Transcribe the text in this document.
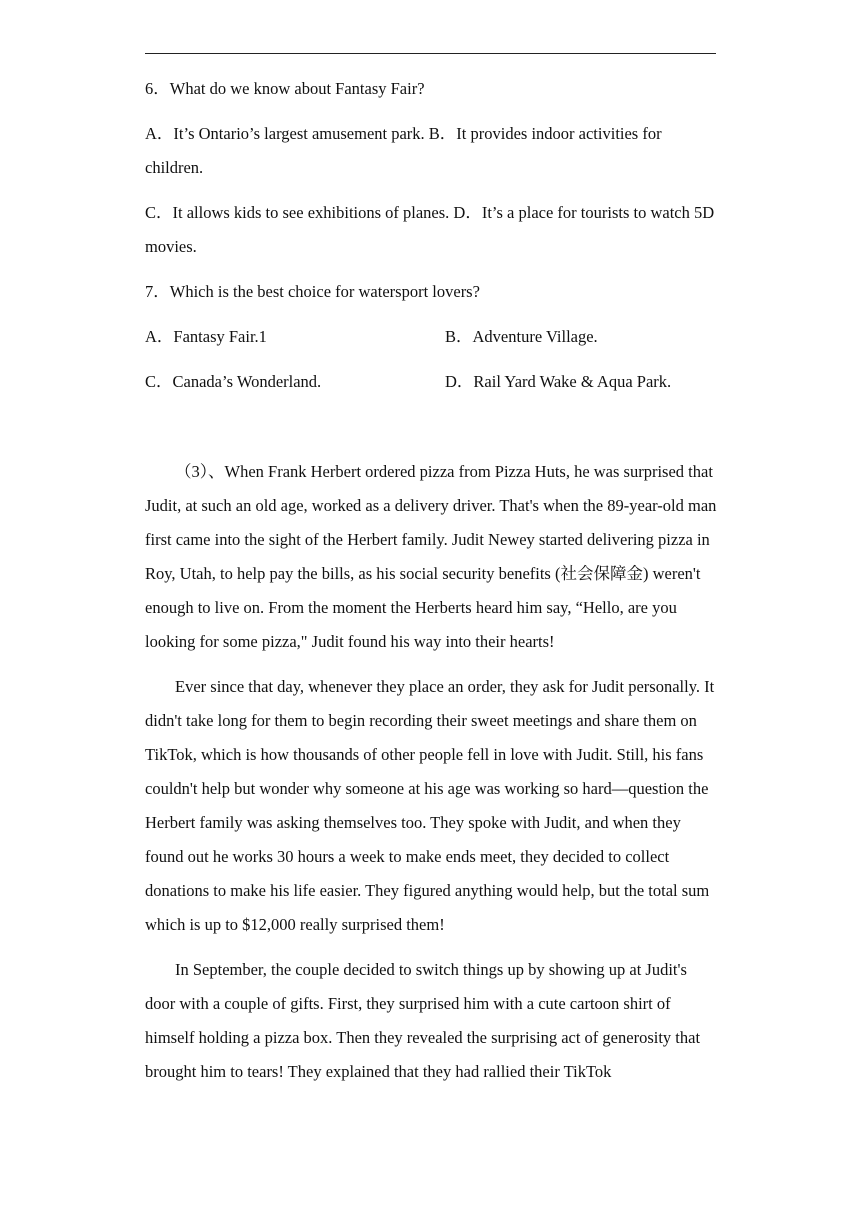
6．What do we know about Fantasy Fair?

A．It’s Ontario’s largest amusement park. B．It provides indoor activities for children.

C．It allows kids to see exhibitions of planes. D．It’s a place for tourists to watch 5D movies.

7．Which is the best choice for watersport lovers?

A．Fantasy Fair.1	B．Adventure Village.
C．Canada’s Wonderland.	D．Rail Yard Wake & Aqua Park.

（3）、When Frank Herbert ordered pizza from Pizza Huts, he was surprised that Judit, at such an old age, worked as a delivery driver. That's when the 89-year-old man first came into the sight of the Herbert family. Judit Newey started delivering pizza in Roy, Utah, to help pay the bills, as his social security benefits (社会保障金) weren't enough to live on. From the moment the Herberts heard him say, “Hello, are you looking for some pizza," Judit found his way into their hearts!

Ever since that day, whenever they place an order, they ask for Judit personally. It didn't take long for them to begin recording their sweet meetings and share them on TikTok, which is how thousands of other people fell in love with Judit. Still, his fans couldn't help but wonder why someone at his age was working so hard—question the Herbert family was asking themselves too. They spoke with Judit, and when they found out he works 30 hours a week to make ends meet, they decided to collect donations to make his life easier. They figured anything would help, but the total sum which is up to $12,000 really surprised them!

In September, the couple decided to switch things up by showing up at Judit's door with a couple of gifts. First, they surprised him with a cute cartoon shirt of himself holding a pizza box. Then they revealed the surprising act of generosity that brought him to tears! They explained that they had rallied their TikTok
